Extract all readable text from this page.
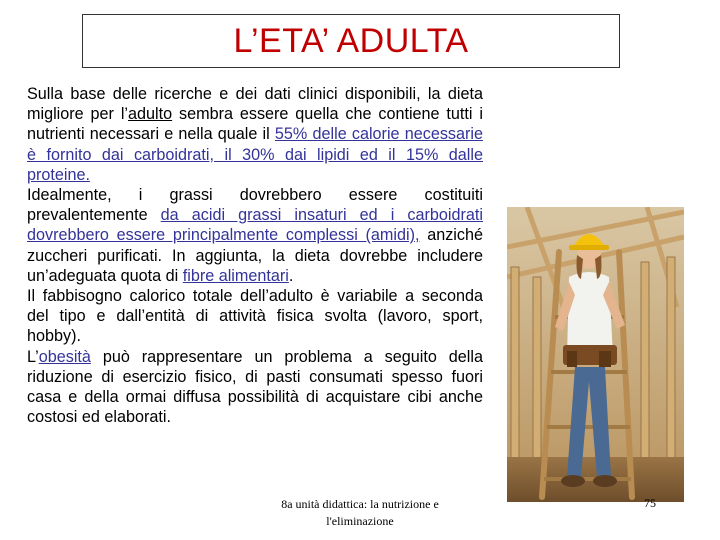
L’ETA’ ADULTA

Sulla base delle ricerche e dei dati clinici disponibili, la dieta migliore per l’adulto sembra essere quella che contiene tutti i nutrienti necessari e nella quale il 55% delle calorie necessarie è fornito dai carboidrati, il 30% dai lipidi ed il 15% dalle proteine.

Idealmente, i grassi dovrebbero essere costituiti prevalentemente da acidi grassi insaturi ed i carboidrati dovrebbero essere principalmente complessi (amidi), anziché zuccheri purificati. In aggiunta, la dieta dovrebbe includere un’adeguata quota di fibre alimentari.

Il fabbisogno calorico totale dell’adulto è variabile a seconda del tipo e dall’entità di attività fisica svolta (lavoro, sport, hobby).

L’obesità può rappresentare un problema a seguito della riduzione di esercizio fisico, di pasti consumati spesso fuori casa e della ormai diffusa possibilità di acquistare cibi anche costosi ed elaborati.

8a unità didattica: la nutrizione e
l'eliminazione
75
